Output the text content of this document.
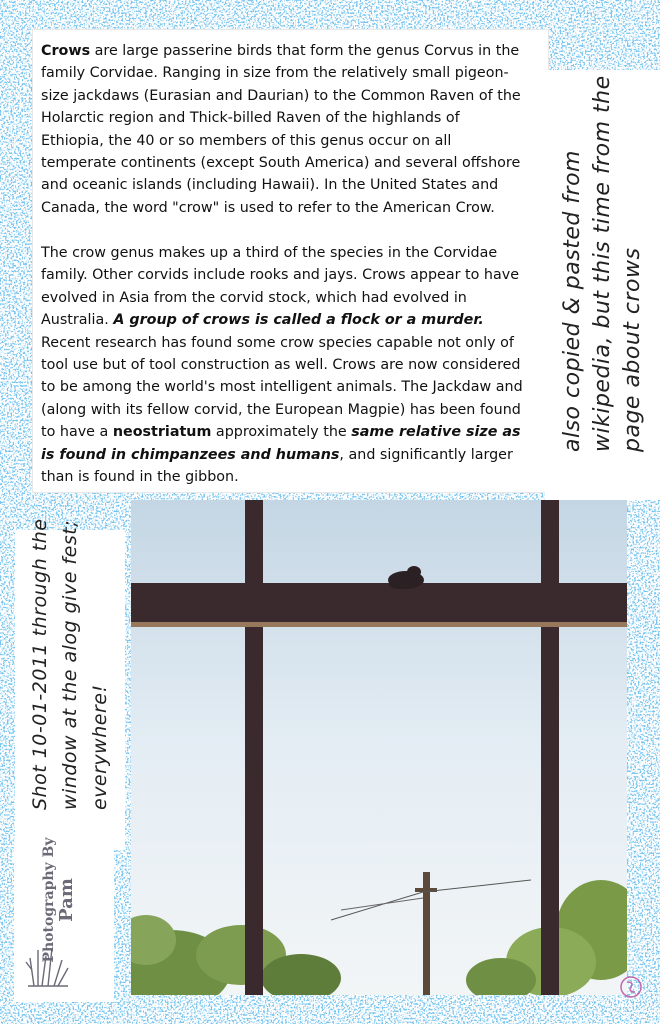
Crows are large passerine birds that form the genus Corvus in the family Corvidae. Ranging in size from the relatively small pigeon-size jackdaws (Eurasian and Daurian) to the Common Raven of the Holarctic region and Thick-billed Raven of the highlands of Ethiopia, the 40 or so members of this genus occur on all temperate continents (except South America) and several offshore and oceanic islands (including Hawaii). In the United States and Canada, the word "crow" is used to refer to the American Crow.

The crow genus makes up a third of the species in the Corvidae family. Other corvids include rooks and jays. Crows appear to have evolved in Asia from the corvid stock, which had evolved in Australia. A group of crows is called a flock or a murder. Recent research has found some crow species capable not only of tool use but of tool construction as well. Crows are now considered to be among the world's most intelligent animals. The Jackdaw and (along with its fellow corvid, the European Magpie) has been found to have a neostriatum approximately the same relative size as is found in chimpanzees and humans, and significantly larger than is found in the gibbon.

also copied & pasted from wikipedia, but this time from the page about crows
Shot 10-01-2011 through the window at the alog give fest; everywhere!
Photography By Pam
